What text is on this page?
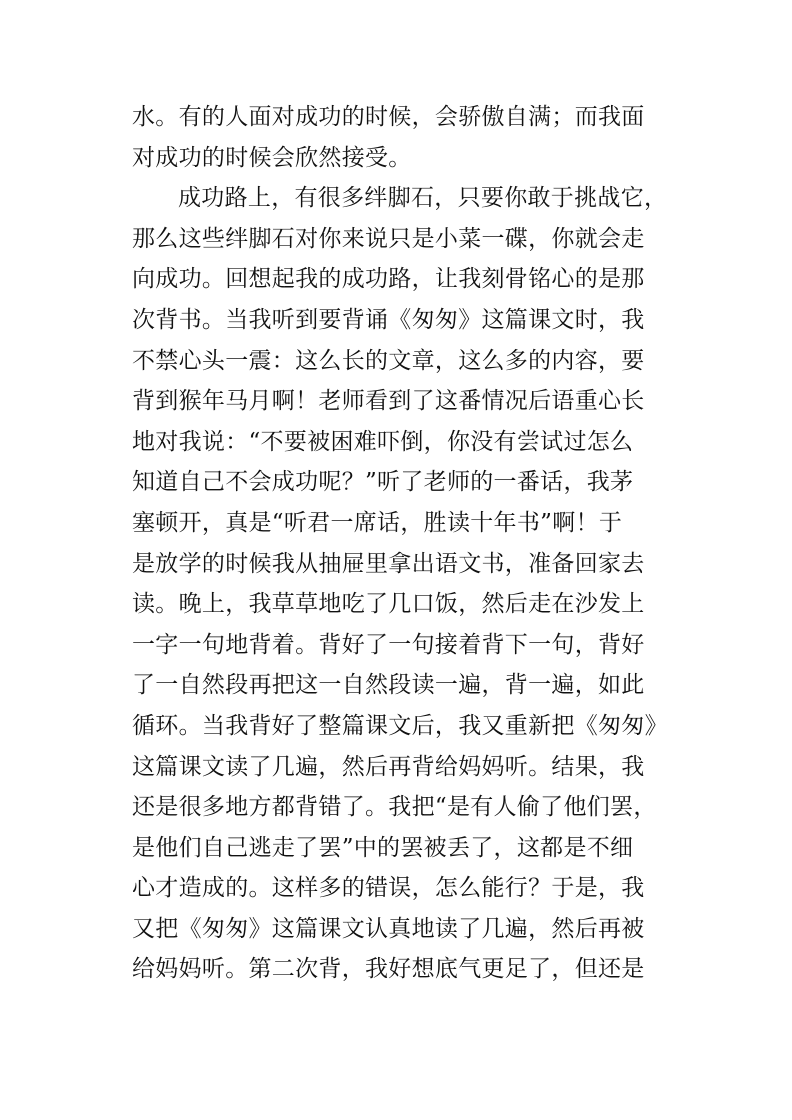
水。有的人面对成功的时候，会骄傲自满；而我面
对成功的时候会欣然接受。
成功路上，有很多绊脚石，只要你敢于挑战它，
那么这些绊脚石对你来说只是小菜一碟，你就会走
向成功。回想起我的成功路，让我刻骨铭心的是那
次背书。当我听到要背诵《匆匆》这篇课文时，我
不禁心头一震：这么长的文章，这么多的内容，要
背到猴年马月啊！老师看到了这番情况后语重心长
地对我说：“不要被困难吓倒，你没有尝试过怎么
知道自己不会成功呢？”听了老师的一番话，我茅
塞顿开，真是“听君一席话，胜读十年书”啊！于
是放学的时候我从抽屉里拿出语文书，准备回家去
读。晚上，我草草地吃了几口饭，然后走在沙发上
一字一句地背着。背好了一句接着背下一句，背好
了一自然段再把这一自然段读一遍，背一遍，如此
循环。当我背好了整篇课文后，我又重新把《匆匆》
这篇课文读了几遍，然后再背给妈妈听。结果，我
还是很多地方都背错了。我把“是有人偷了他们罢，
是他们自己逃走了罢”中的罢被丢了，这都是不细
心才造成的。这样多的错误，怎么能行？于是，我
又把《匆匆》这篇课文认真地读了几遍，然后再被
给妈妈听。第二次背，我好想底气更足了，但还是
